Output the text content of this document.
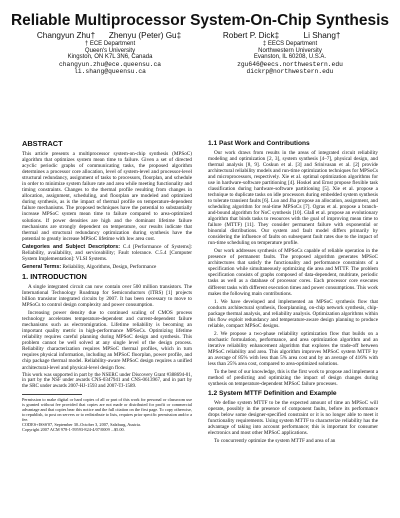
Reliable Multiprocessor System-On-Chip Synthesis
Changyun Zhu†	Zhenyu (Peter) Gu‡	Robert P. Dick‡	Li Shang†
† ECE Department
Queen's University
Kingston, ON K7L 3N6, Canada
changyun.zhu@ece.queensu.ca
li.shang@queensu.ca
‡ EECS Department
Northwestern University
Evanston, IL 60208, U.S.A.
zgu646@eecs.northwestern.edu
dickrp@northwestern.edu
ABSTRACT

This article presents a multiprocessor system-on-chip synthesis (MPSoC) algorithm that optimizes system mean time to failure. Given a set of directed acyclic periodic graphs of communicating tasks, the proposed algorithm determines a processor core allocation, level of system-level and processor-level structural redundancy, assignment of tasks to processors, floorplan, and schedule in order to minimize system failure rate and area while meeting functionality and timing constraints. Changes to the thermal profile resulting from changes in allocation, assignment, scheduling, and floorplan are modeled and optimized during synthesis, as is the impact of thermal profile on temperature-dependent failure mechanisms. The proposed techniques have the potential to substantially increase MPSoC system mean time to failure compared to area-optimized solutions. If power densities are high and the dominant lifetime failure mechanisms are strongly dependent on temperature, our results indicate that thermal and structural redundancy optimization during synthesis have the potential to greatly increase MPSoC lifetime with low area cost.

Categories and Subject Descriptors: C.4 [Performance of Systems]: Reliability, availability, and serviceability; Fault tolerance. C.5.4 [Computer System Implementation]: VLSI Systems.

General Terms: Reliability, Algorithms, Design, Performance

1. INTRODUCTION

A single integrated circuit can now contain over 500 million transistors. The International Technology Roadmap for Semiconductors (ITRS) [1] projects billion transistor integrated circuits by 2007. It has been necessary to move to MPSoCs to control design complexity and power consumption.

Increasing power density due to continued scaling of CMOS process technology accelerates temperature-dependent and current-dependent failure mechanisms such as electromigration. Lifetime reliability is becoming an important quality metric in high-performance MPSoCs. Optimizing lifetime reliability requires careful planning during MPSoC design and synthesis. This problem cannot be well solved at any single level of the design process. Reliability characterization requires MPSoC thermal profiles, which in turn requires physical information, including an MPSoC floorplan, power profile, and chip package thermal model. Reliability-aware MPSoC design requires a unified architectural-level and physical-level design flow.

This work was supported in part by the NSERC under Discovery Grant #388694-01, in part by the NSF under awards CNS-0347941 and CNS-0613967, and in part by the SRC under awards 2007-HJ-1593 and 2007-TJ-1589.

Permission to make digital or hard copies of all or part of this work for personal or classroom use is granted without fee provided that copies are not made or distributed for profit or commercial advantage and that copies bear this notice and the full citation on the first page. To copy otherwise, to republish, to post on servers or to redistribute to lists, requires prior specific permission and/or a fee.
CODES+ISSS'07, September 30–October 3, 2007, Salzburg, Austria.
Copyright 2007 ACM 978-1-59593-824-4/07/0009 ...$5.00.
1.1 Past Work and Contributions

Our work draws from results in the areas of integrated circuit reliability modeling and optimization [2, 3], system synthesis [4–7], physical design, and thermal analysis [8, 9]. Coskun et al. [3] and Srinivasan et al. [2] provide architectural reliability models and run-time optimization techniques for MPSoCs and microprocessors, respectively. Xie et al. optimal optimization algorithms for use in hardware-software partitioning [4]. Hoskel and Ernst propose flexible task classification during hardware-software partitioning [5]. Xie et al. propose a technique to duplicate tasks on idle processors during embedded system synthesis to tolerate transient faults [6]. Luo and Jha propose an allocation, assignment, and scheduling algorithm for real-time MPSoCs [7]. Ogras et al. propose a branch-and-bound algorithm for NoC synthesis [10]. Glaß et al. propose an evolutionary algorithm that binds tasks to resources with the goal of improving mean time to failure (MTTF) [11]. They consider permanent failure with exponential or binomial distributions. Our system and fault model differs primarily by considering the influence of faults on subsequent fault rates due to the impact of run-time scheduling on temperature profile.

Our work addresses synthesis of MPSoCs capable of reliable operation in the presence of permanent faults. The proposed algorithm generates MPSoC architectures that satisfy the functionality and performance constraints of a specification while simultaneously optimizing die area and MTTF. The problem specification consists of graphs composed of data-dependent, multirate, periodic tasks as well as a database of processor cores. Each processor core executes different tasks with different execution times and power consumptions. This work makes the following main contributions.

1. We have developed and implemented an MPSoC synthesis flow that conducts architectural synthesis, floorplanning, on-chip network synthesis, chip-package thermal analysis, and reliability analysis. Optimization algorithms within this flow exploit redundancy and temperature-aware design planning to produce reliable, compact MPSoC designs.

2. We propose a two-phase reliability optimization flow that builds on a stochastic formulation, performance, and area optimization algorithm and an iterative reliability enhancement algorithm that explores the trade-off between MPSoC reliability and area. This algorithm improves MPSoC system MTTF by an average of 85% with less than 5% area cost and by an average of 416% with less than 25% area cost, compared to area-optimized solutions.

To the best of our knowledge, this is the first work to propose and implement a method of predicting and optimizing the impact of design changes during synthesis on temperature-dependent MPSoC failure processes.

1.2 System MTTF Definition and Example

We define system MTTF to be the expected amount of time an MPSoC will operate, possibly in the presence of component faults, before its performance drops below some designer-specified constraint or it is no longer able to meet it functionality requirements. Using system MTTF to characterize reliability has the advantage of taking into account performance; this is important for consumer electronics and most other MPSoC applications.

To concurrently optimize the system MTTF and area of an
